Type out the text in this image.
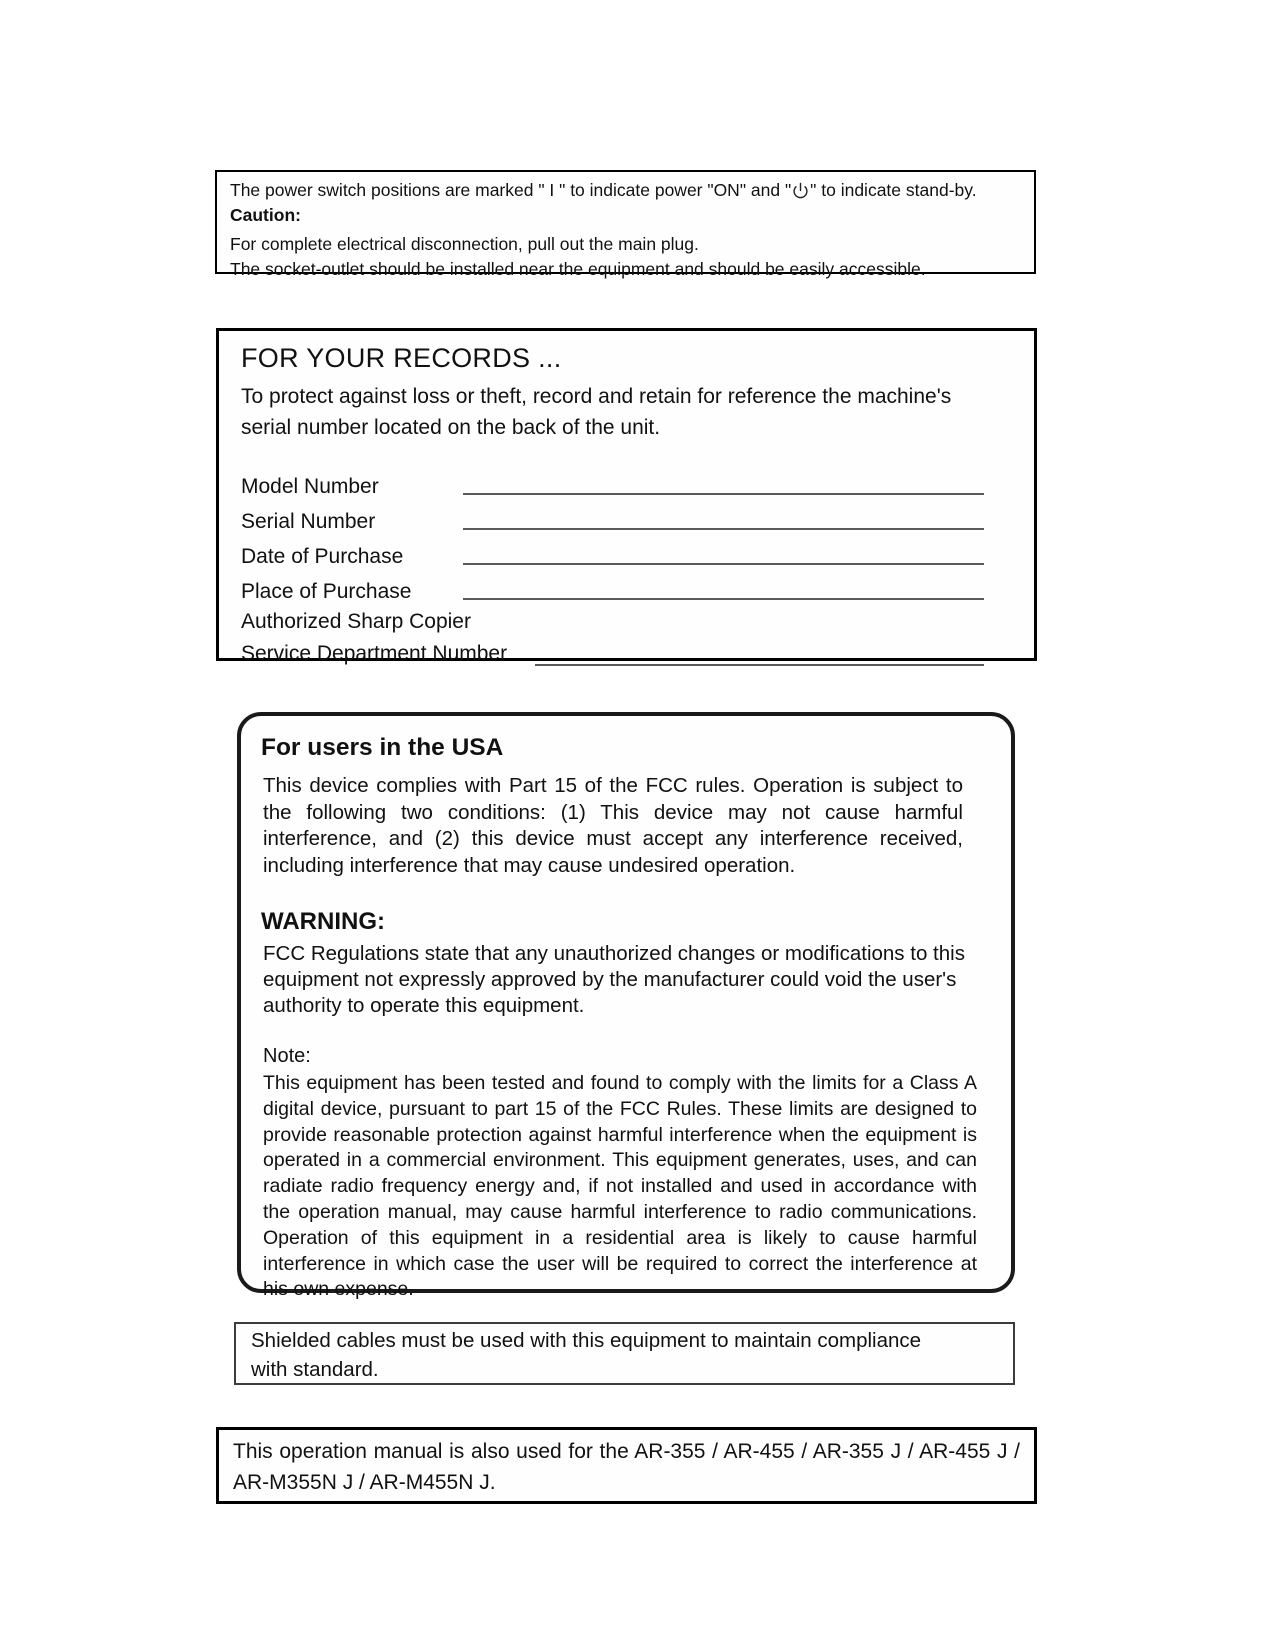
The power switch positions are marked " I " to indicate power "ON" and " " to indicate stand-by.

Caution:

For complete electrical disconnection, pull out the main plug.

The socket-outlet should be installed near the equipment and should be easily accessible.

FOR YOUR RECORDS ...

To protect against loss or theft, record and retain for reference the machine's serial number located on the back of the unit.

Model Number
Serial Number
Date of Purchase
Place of Purchase
Authorized Sharp Copier
Service Department Number
For users in the USA

This device complies with Part 15 of the FCC rules. Operation is subject to the following two conditions: (1) This device may not cause harmful interference, and (2) this device must accept any interference received, including interference that may cause undesired operation.

WARNING:

FCC Regulations state that any unauthorized changes or modifications to this equipment not expressly approved by the manufacturer could void the user's authority to operate this equipment.

Note:

This equipment has been tested and found to comply with the limits for a Class A digital device, pursuant to part 15 of the FCC Rules. These limits are designed to provide reasonable protection against harmful interference when the equipment is operated in a commercial environment. This equipment generates, uses, and can radiate radio frequency energy and, if not installed and used in accordance with the operation manual, may cause harmful interference to radio communications. Operation of this equipment in a residential area is likely to cause harmful interference in which case the user will be required to correct the interference at his own expense.

Shielded cables must be used with this equipment to maintain compliance with standard.

This operation manual is also used for the AR-355 / AR-455 / AR-355 J / AR-455 J / AR-M355N J / AR-M455N J.
